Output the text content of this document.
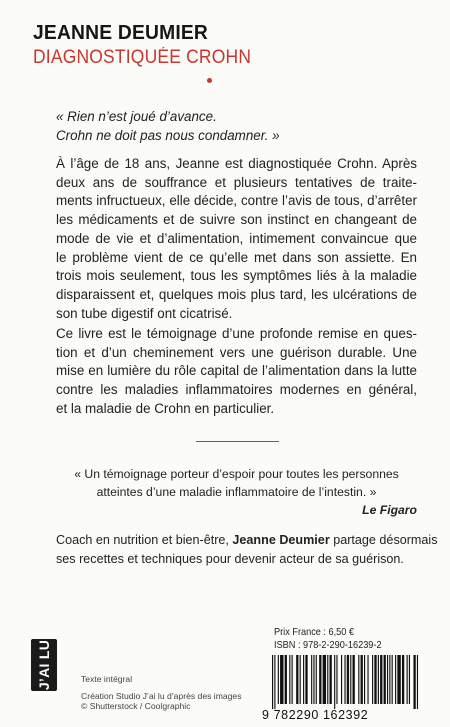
JEANNE DEUMIER
DIAGNOSTIQUÉE CROHN
« Rien n’est joué d’avance.
Crohn ne doit pas nous condamner. »
À l’âge de 18 ans, Jeanne est diagnostiquée Crohn. Après
deux ans de souffrance et plusieurs tentatives de traite-
ments infructueux, elle décide, contre l’avis de tous, d’arrêter
les médicaments et de suivre son instinct en changeant de
mode de vie et d’alimentation, intimement convaincue que
le problème vient de ce qu’elle met dans son assiette. En
trois mois seulement, tous les symptômes liés à la maladie
disparaissent et, quelques mois plus tard, les ulcérations de
son tube digestif ont cicatrisé.
Ce livre est le témoignage d’une profonde remise en ques-
tion et d’un cheminement vers une guérison durable. Une
mise en lumière du rôle capital de l’alimentation dans la lutte
contre les maladies inflammatoires modernes en général,
et la maladie de Crohn en particulier.
« Un témoignage porteur d’espoir pour toutes les personnes
atteintes d’une maladie inflammatoire de l’intestin. »
Le Figaro
Coach en nutrition et bien-être, Jeanne Deumier partage désormais
ses recettes et techniques pour devenir acteur de sa guérison.
J’AI LU	Texte intégral
Création Studio J’ai lu d’après des images
© Shutterstock / Coolgraphic
Prix France : 6,50 €
ISBN : 978-2-290-16239-2
9 782290 162392
